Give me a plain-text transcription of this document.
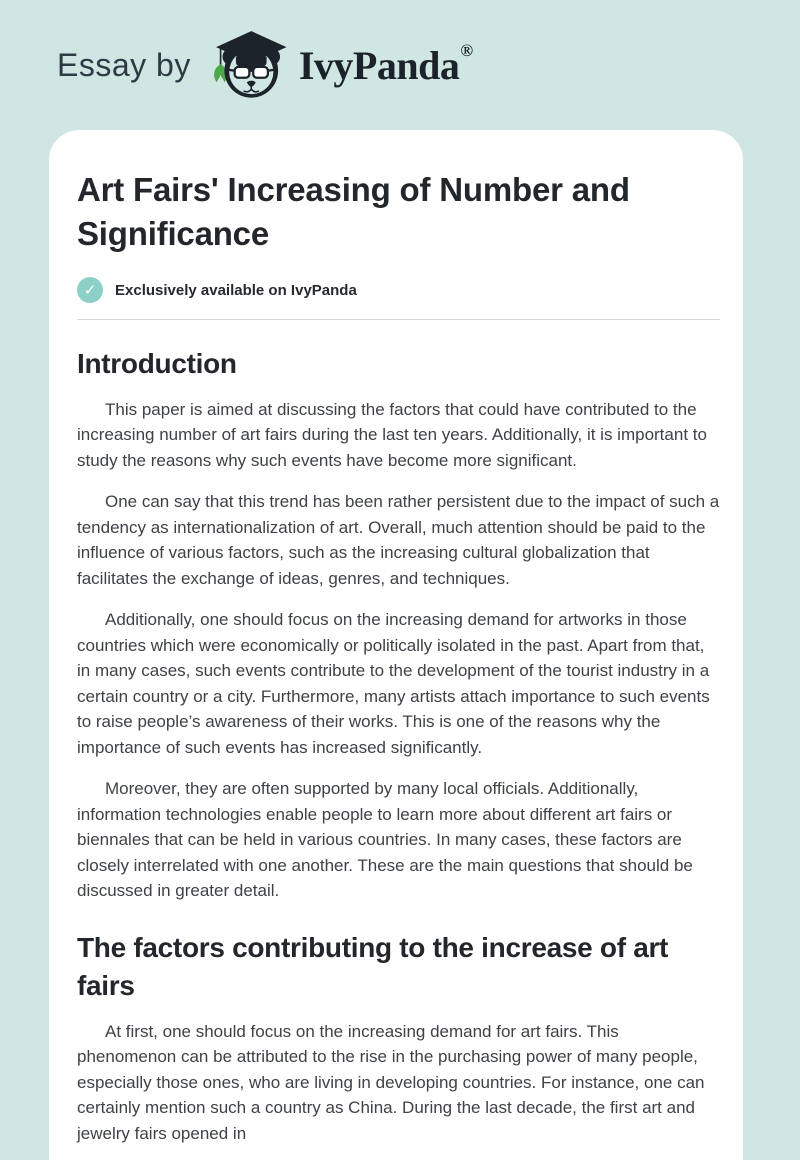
Essay by	IvyPanda ®
Art Fairs' Increasing of Number and Significance
✓	Exclusively available on IvyPanda
Introduction

This paper is aimed at discussing the factors that could have contributed to the increasing number of art fairs during the last ten years. Additionally, it is important to study the reasons why such events have become more significant.

One can say that this trend has been rather persistent due to the impact of such a tendency as internationalization of art. Overall, much attention should be paid to the influence of various factors, such as the increasing cultural globalization that facilitates the exchange of ideas, genres, and techniques.

Additionally, one should focus on the increasing demand for artworks in those countries which were economically or politically isolated in the past. Apart from that, in many cases, such events contribute to the development of the tourist industry in a certain country or a city. Furthermore, many artists attach importance to such events to raise people’s awareness of their works. This is one of the reasons why the importance of such events has increased significantly.

Moreover, they are often supported by many local officials. Additionally, information technologies enable people to learn more about different art fairs or biennales that can be held in various countries. In many cases, these factors are closely interrelated with one another. These are the main questions that should be discussed in greater detail.

The factors contributing to the increase of art fairs

At first, one should focus on the increasing demand for art fairs. This phenomenon can be attributed to the rise in the purchasing power of many people, especially those ones, who are living in developing countries. For instance, one can certainly mention such a country as China. During the last decade, the first art and jewelry fairs opened in
